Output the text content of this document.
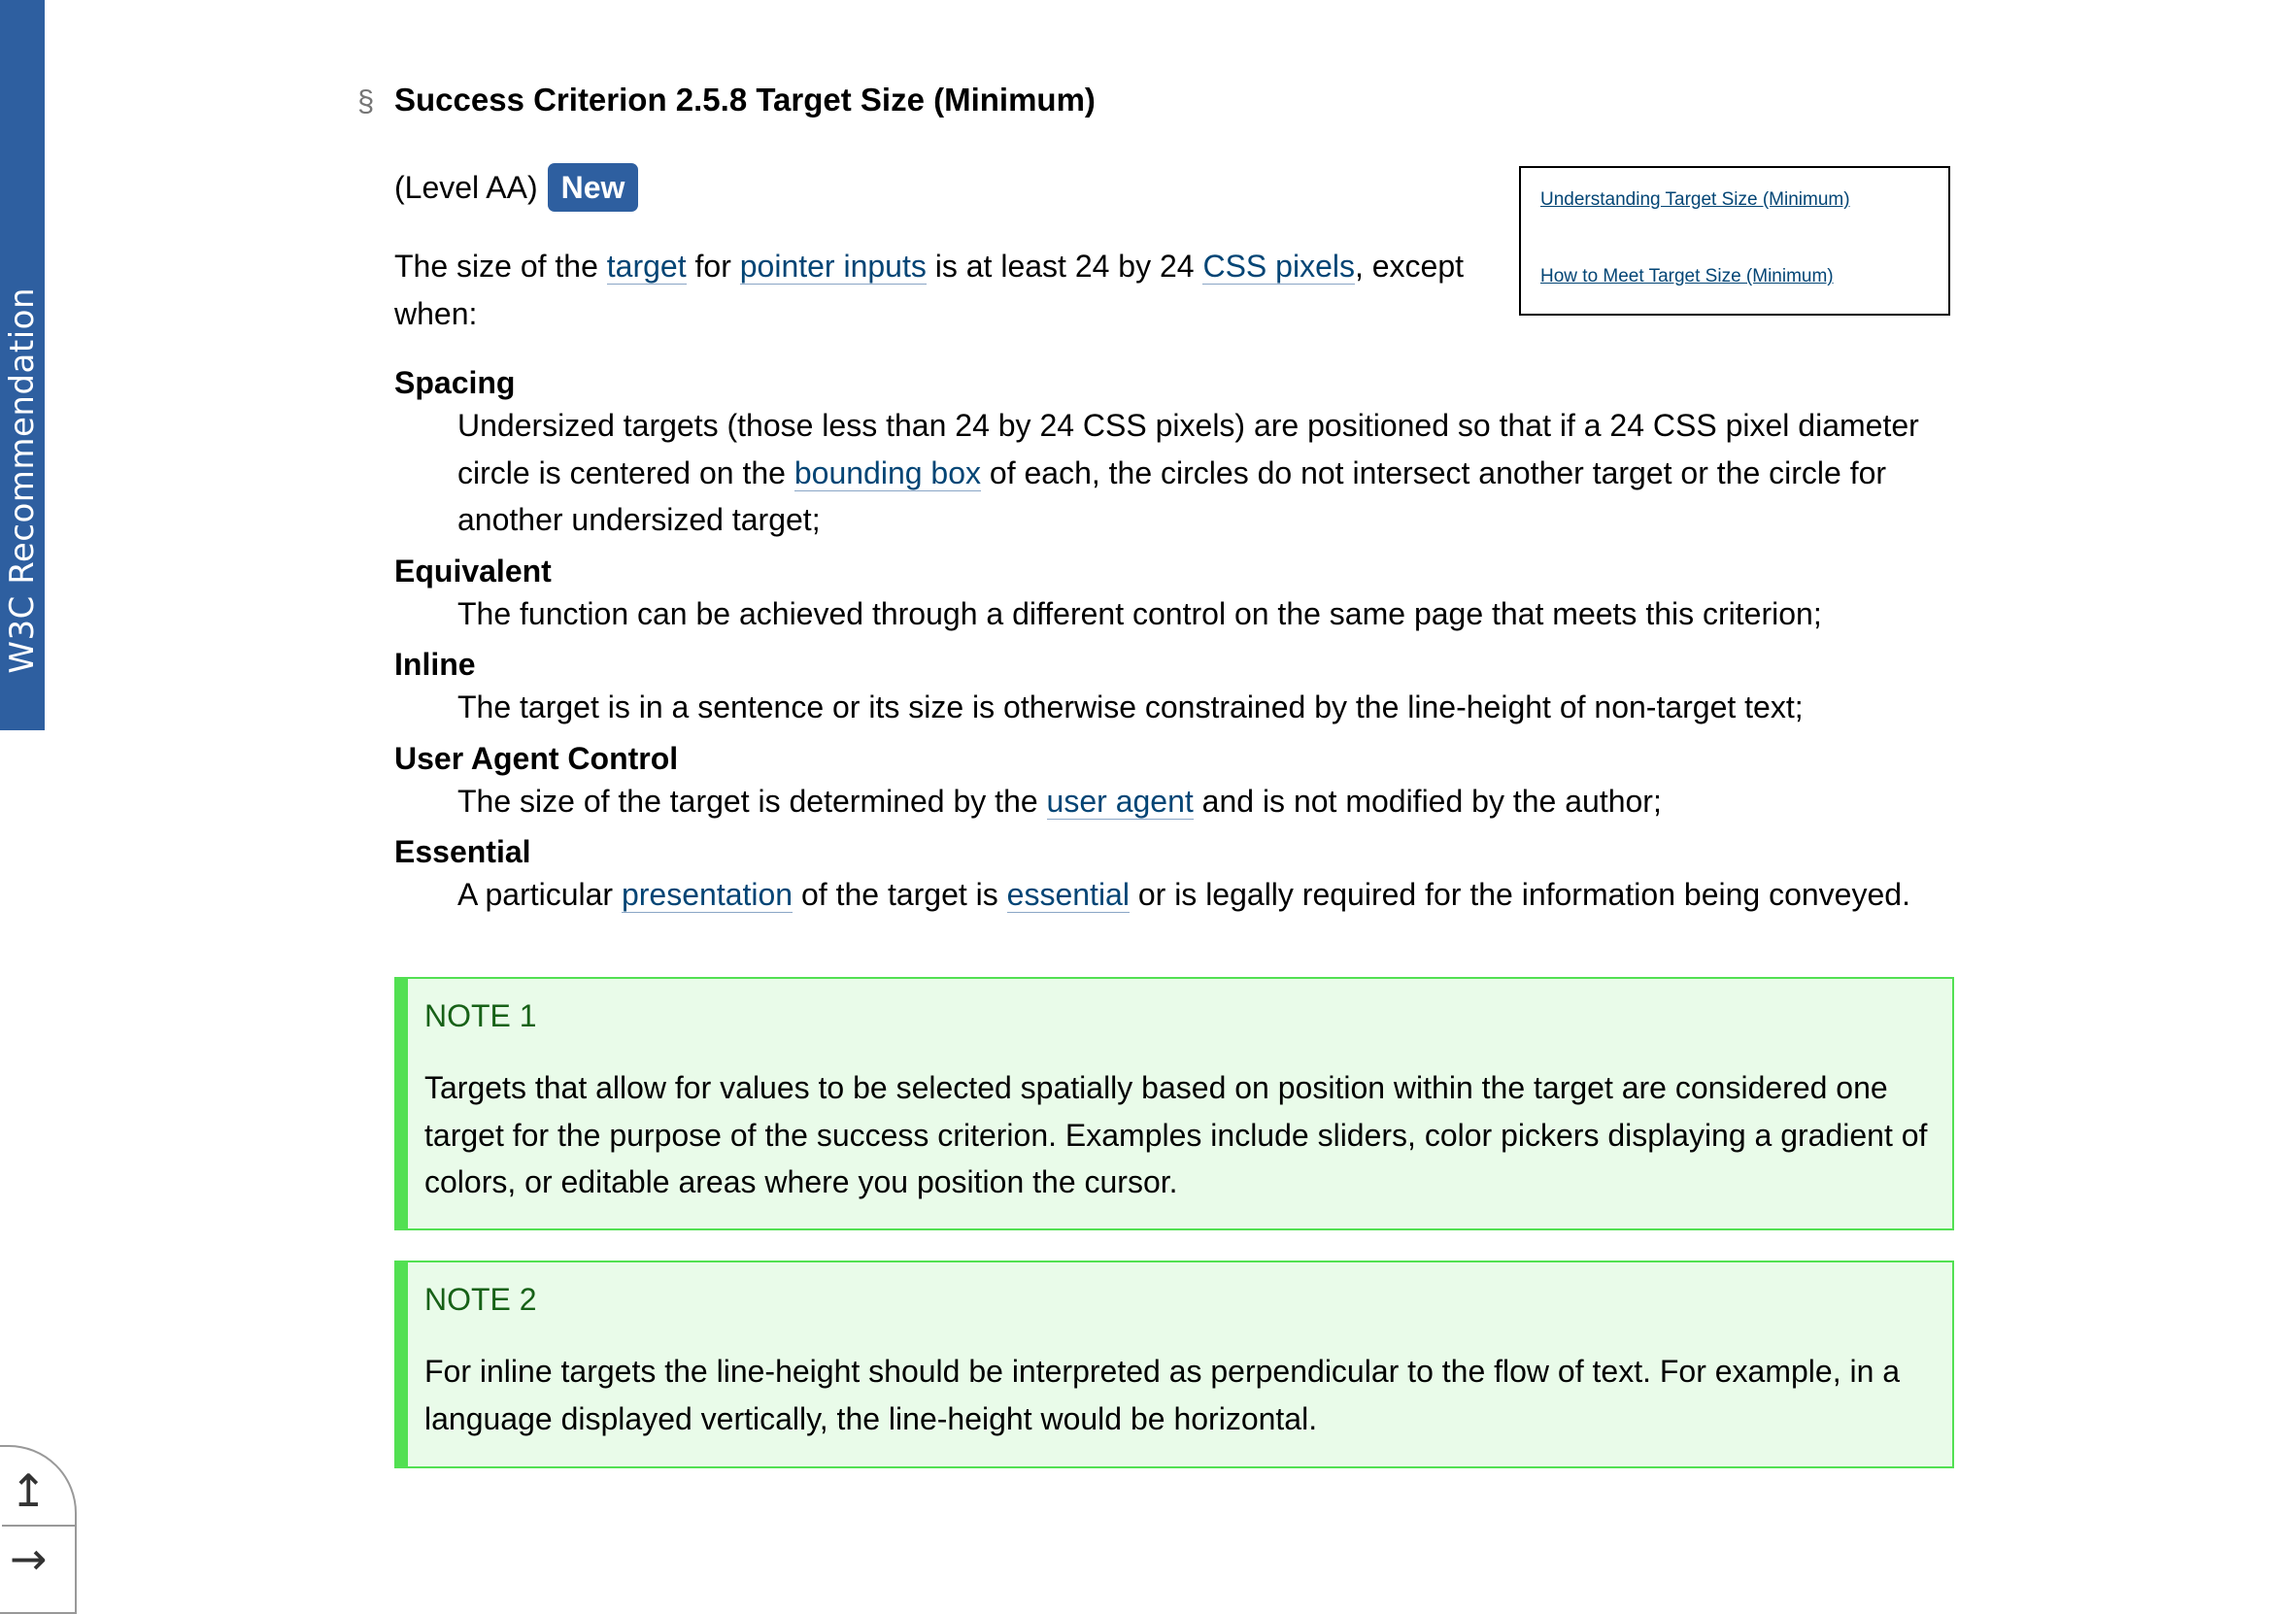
W3C Recommendation
§ Success Criterion 2.5.8 Target Size (Minimum)
(Level AA) New	Understanding Target Size (Minimum)
How to Meet Target Size (Minimum)

The size of the target for pointer inputs is at least 24 by 24 CSS pixels, except when:

Spacing
Undersized targets (those less than 24 by 24 CSS pixels) are positioned so that if a 24 CSS pixel diameter circle is centered on the bounding box of each, the circles do not intersect another target or the circle for another undersized target;
Equivalent
The function can be achieved through a different control on the same page that meets this criterion;
Inline
The target is in a sentence or its size is otherwise constrained by the line-height of non-target text;
User Agent Control
The size of the target is determined by the user agent and is not modified by the author;
Essential
A particular presentation of the target is essential or is legally required for the information being conveyed.
NOTE 1
Targets that allow for values to be selected spatially based on position within the target are considered one target for the purpose of the success criterion. Examples include sliders, color pickers displaying a gradient of colors, or editable areas where you position the cursor.
NOTE 2
For inline targets the line-height should be interpreted as perpendicular to the flow of text. For example, in a language displayed vertically, the line-height would be horizontal.
↥
→
